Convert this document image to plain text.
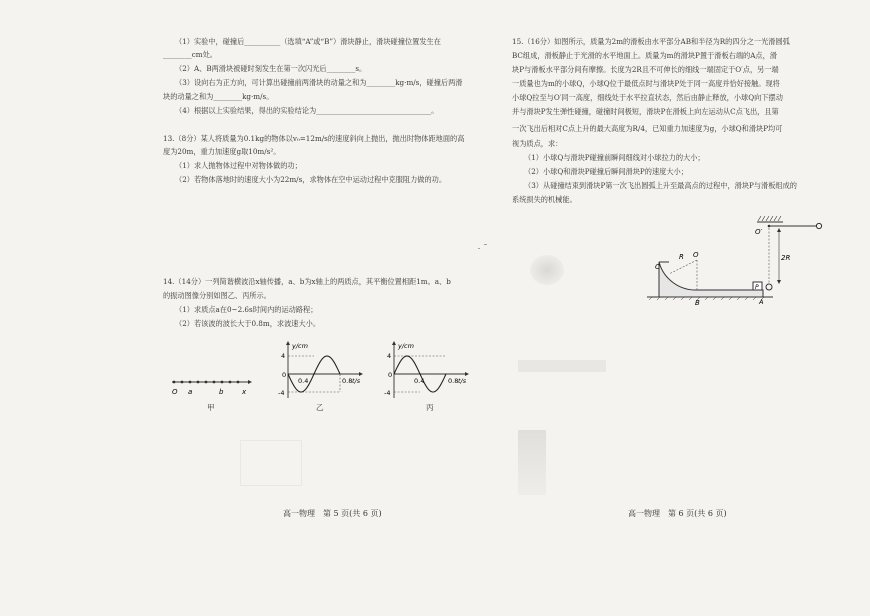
（1）实验中，碰撞后__________（选填“A”或“B”）滑块静止，滑块碰撞位置发生在
________cm处。
（2）A、B两滑块被碰时刻发生在第一次闪光后________s。
（3）设向右为正方向，可计算出碰撞前两滑块的动量之和为________kg·m/s，碰撞后两滑
块的动量之和为________kg·m/s。
（4）根据以上实验结果，得出的实验结论为________________________________。
13.（8分）某人将质量为0.1kg的物体以v₀=12m/s的速度斜向上抛出，抛出时物体距地面的高
度为20m，重力加速度g取10m/s²。
（1）求人抛物体过程中对物体做的功；
（2）若物体落地时的速度大小为22m/s，求物体在空中运动过程中克服阻力做的功。
14.（14分）一列简谐横波沿x轴传播，a、b为x轴上的两质点，其平衡位置相距1m。a、b
的振动图像分别如图乙、丙所示。
（1）求质点a在0~2.6s时间内的运动路程；
（2）若该波的波长大于0.8m，求波速大小。
O a	b	x
甲
y/cm
4
0
-4
0.4	0.8 t/s
乙
y/cm
4
0
-4
0.4	0.8 t/s
丙
高一物理　第 5 页(共 6 页)
15.（16分）如图所示，质量为2m的滑板由水平部分AB和半径为R的四分之一光滑圆弧
BC组成，滑板静止于光滑的水平地面上。质量为m的滑块P置于滑板右端的A点，滑
块P与滑板水平部分间有摩擦。长度为2R且不可伸长的细线一端固定于O′点，另一端
一质量也为m的小球Q，小球Q位于最低点时与滑块P处于同一高度并恰好接触。现将
小球Q拉至与O′同一高度，细线处于水平拉直状态，然后由静止释放，小球Q向下摆动
并与滑块P发生弹性碰撞，碰撞时间极短，滑块P在滑板上向左运动从C点飞出，且第
一次飞出后相对C点上升的最大高度为R/4，已知重力加速度为g，小球Q和滑块P均可
视为质点，求：
（1）小球Q与滑块P碰撞前瞬间细线对小球拉力的大小；
（2）小球Q和滑块P碰撞后瞬间滑块P的速度大小；
（3）从碰撞结束到滑块P第一次飞出圆弧上升至最高点的过程中，滑块P与滑板组成的
系统损失的机械能。
O′
2R
C
R O
B
P
A
高一物理　第 6 页(共 6 页)
